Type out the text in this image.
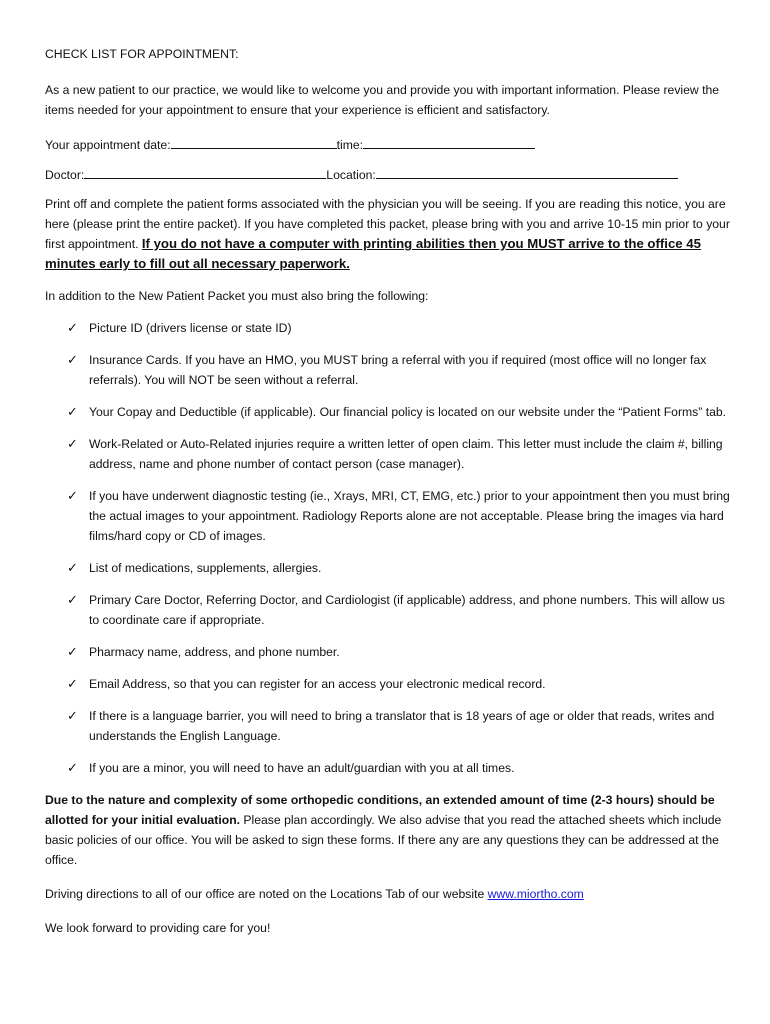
CHECK LIST FOR APPOINTMENT:

As a new patient to our practice, we would like to welcome you and provide you with important information. Please review the items needed for your appointment to ensure that your experience is efficient and satisfactory.

Your appointment date:	time:
Doctor:	Location:

Print off and complete the patient forms associated with the physician you will be seeing. If you are reading this notice, you are here (please print the entire packet). If you have completed this packet, please bring with you and arrive 10-15 min prior to your first appointment. If you do not have a computer with printing abilities then you MUST arrive to the office 45 minutes early to fill out all necessary paperwork.

In addition to the New Patient Packet you must also bring the following:

✓ Picture ID (drivers license or state ID)
✓ Insurance Cards. If you have an HMO, you MUST bring a referral with you if required (most office will no longer fax referrals). You will NOT be seen without a referral.
✓ Your Copay and Deductible (if applicable). Our financial policy is located on our website under the “Patient Forms” tab.
✓ Work-Related or Auto-Related injuries require a written letter of open claim. This letter must include the claim #, billing address, name and phone number of contact person (case manager).
✓ If you have underwent diagnostic testing (ie., Xrays, MRI, CT, EMG, etc.) prior to your appointment then you must bring the actual images to your appointment. Radiology Reports alone are not acceptable. Please bring the images via hard films/hard copy or CD of images.
✓ List of medications, supplements, allergies.
✓ Primary Care Doctor, Referring Doctor, and Cardiologist (if applicable) address, and phone numbers. This will allow us to coordinate care if appropriate.
✓ Pharmacy name, address, and phone number.
✓ Email Address, so that you can register for an access your electronic medical record.
✓ If there is a language barrier, you will need to bring a translator that is 18 years of age or older that reads, writes and understands the English Language.
✓ If you are a minor, you will need to have an adult/guardian with you at all times.

Due to the nature and complexity of some orthopedic conditions, an extended amount of time (2-3 hours) should be allotted for your initial evaluation. Please plan accordingly. We also advise that you read the attached sheets which include basic policies of our office. You will be asked to sign these forms. If there any are any questions they can be addressed at the office.

Driving directions to all of our office are noted on the Locations Tab of our website www.miortho.com

We look forward to providing care for you!
